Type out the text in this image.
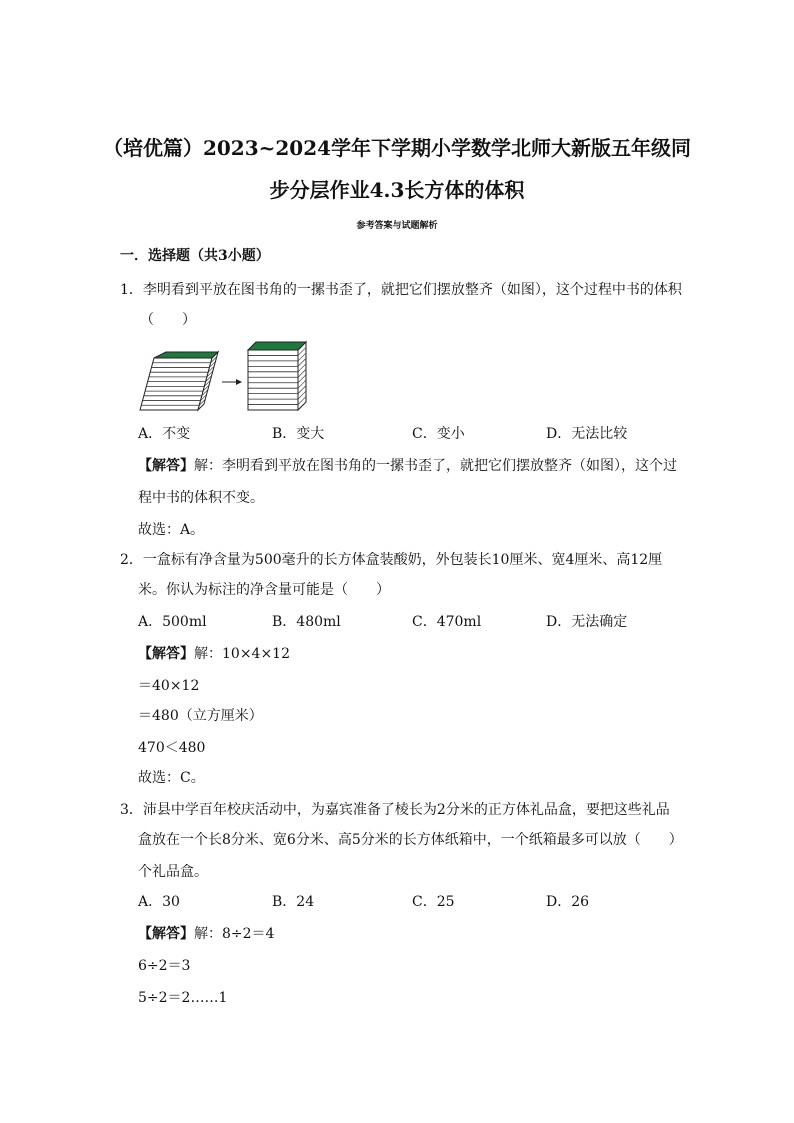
（培优篇）2023~2024学年下学期小学数学北师大新版五年级同
步分层作业4.3长方体的体积
参考答案与试题解析
一．选择题（共3小题）
1．李明看到平放在图书角的一摞书歪了，就把它们摆放整齐（如图），这个过程中书的体积
（　　）
A．不变	B．变大	C．变小	D．无法比较
【解答】解：李明看到平放在图书角的一摞书歪了，就把它们摆放整齐（如图），这个过
程中书的体积不变。
故选：A。
2．一盒标有净含量为500毫升的长方体盒装酸奶，外包装长10厘米、宽4厘米、高12厘
米。你认为标注的净含量可能是（　　）
A．500ml	B．480ml	C．470ml	D．无法确定
【解答】解：10×4×12
＝40×12
＝480（立方厘米）
470＜480
故选：C。
3．沛县中学百年校庆活动中，为嘉宾准备了棱长为2分米的正方体礼品盒，要把这些礼品
盒放在一个长8分米、宽6分米、高5分米的长方体纸箱中，一个纸箱最多可以放（　　）
个礼品盒。
A．30	B．24	C．25	D．26
【解答】解：8÷2＝4
6÷2＝3
5÷2＝2……1
